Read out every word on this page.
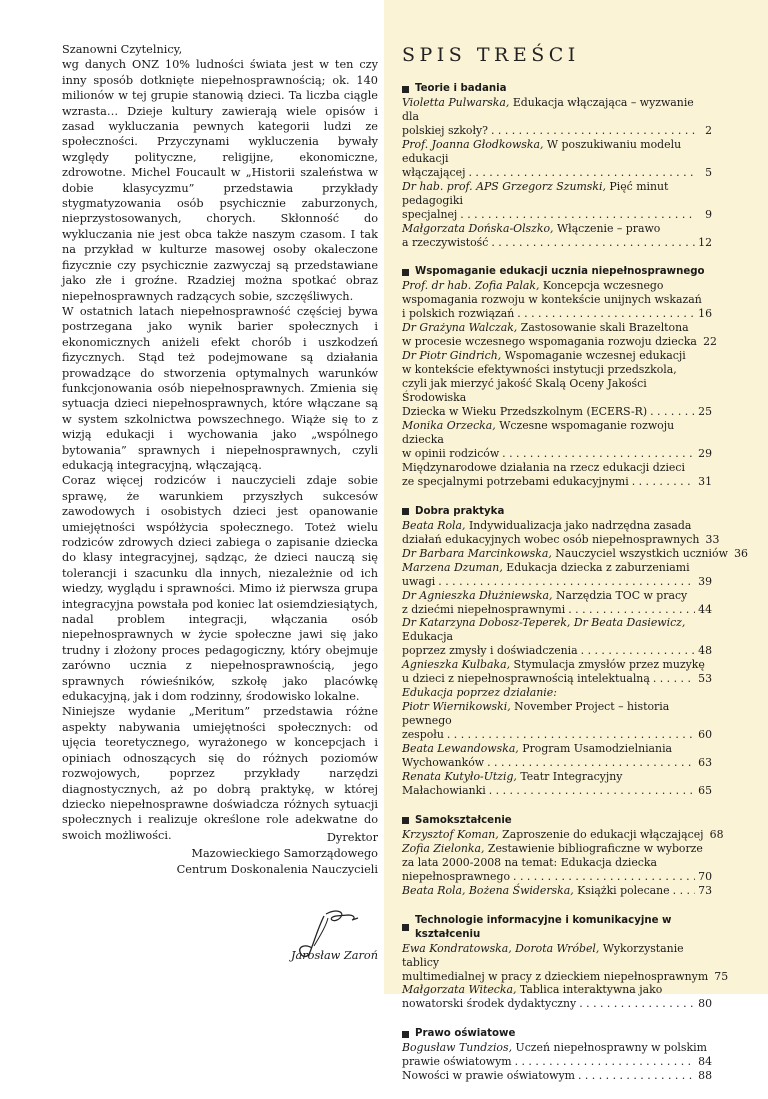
Szanowni Czytelnicy,

wg danych ONZ 10% ludności świata jest w ten czy inny sposób dotknięte niepełnosprawnością; ok. 140 milionów w tej grupie stanowią dzieci. Ta liczba ciągle wzrasta… Dzieje kultury zawierają wiele opisów i zasad wykluczania pewnych kategorii ludzi ze społeczności. Przyczynami wykluczenia bywały względy polityczne, religijne, ekonomiczne, zdrowotne. Michel Foucault w „Historii szaleństwa w dobie klasycyzmu” przedstawia przykłady stygmatyzowania osób psychicznie zaburzonych, nieprzystosowanych, chorych. Skłonność do wykluczania nie jest obca także naszym czasom. I tak na przykład w kulturze masowej osoby okaleczone fizycznie czy psychicznie zazwyczaj są przedstawiane jako złe i groźne. Rzadziej można spotkać obraz niepełnosprawnych radzących sobie, szczęśliwych.

W ostatnich latach niepełnosprawność częściej bywa postrzegana jako wynik barier społecznych i ekonomicznych aniżeli efekt chorób i uszkodzeń fizycznych. Stąd też podejmowane są działania prowadzące do stworzenia optymalnych warunków funkcjonowania osób niepełnosprawnych. Zmienia się sytuacja dzieci niepełnosprawnych, które włączane są w system szkolnictwa powszechnego. Wiąże się to z wizją edukacji i wychowania jako „wspólnego bytowania” sprawnych i niepełnosprawnych, czyli edukacją integracyjną, włączającą.

Coraz więcej rodziców i nauczycieli zdaje sobie sprawę, że warunkiem przyszłych sukcesów zawodowych i osobistych dzieci jest opanowanie umiejętności współżycia społecznego. Toteż wielu rodziców zdrowych dzieci zabiega o zapisanie dziecka do klasy integracyjnej, sądząc, że dzieci nauczą się tolerancji i szacunku dla innych, niezależnie od ich wiedzy, wyglądu i sprawności. Mimo iż pierwsza grupa integracyjna powstała pod koniec lat osiemdziesiątych, nadal problem integracji, włączania osób niepełnosprawnych w życie społeczne jawi się jako trudny i złożony proces pedagogiczny, który obejmuje zarówno ucznia z niepełnosprawnością, jego sprawnych rówieśników, szkołę jako placówkę edukacyjną, jak i dom rodzinny, środowisko lokalne.

Niniejsze wydanie „Meritum” przedstawia różne aspekty nabywania umiejętności społecznych: od ujęcia teoretycznego, wyrażonego w koncepcjach i opiniach odnoszących się do różnych poziomów rozwojowych, poprzez przykłady narzędzi diagnostycznych, aż po dobrą praktykę, w której dziecko niepełnosprawne doświadcza różnych sytuacji społecznych i realizuje określone role adekwatne do swoich możliwości.	Dyrektor
Mazowieckiego Samorządowego
Centrum Doskonalenia Nauczycieli
Jarosław Zaroń
SPIS TREŚCI
Teorie i badania
Violetta Pulwarska, Edukacja włączająca – wyzwanie dla
polskiej szkoły? . . .	2
Prof. Joanna Głodkowska, W poszukiwaniu modelu edukacji
włączającej . . .	5
Dr hab. prof. APS Grzegorz Szumski, Pięć minut pedagogiki
specjalnej . . .	9
Małgorzata Dońska-Olszko, Włączenie – prawo
a rzeczywistość . . .	12
Wspomaganie edukacji ucznia niepełnosprawnego
Prof. dr hab. Zofia Palak, Koncepcja wczesnego
wspomagania rozwoju w kontekście unijnych wskazań
i polskich rozwiązań . . .	16
Dr Grażyna Walczak, Zastosowanie skali Brazeltona
w procesie wczesnego wspomagania rozwoju dziecka 22
Dr Piotr Gindrich, Wspomaganie wczesnej edukacji
w kontekście efektywności instytucji przedszkola,
czyli jak mierzyć jakość Skalą Oceny Jakości Środowiska
Dziecka w Wieku Przedszkolnym (ECERS-R) . . .	25
Monika Orzecka, Wczesne wspomaganie rozwoju dziecka
w opinii rodziców . . .	29
Międzynarodowe działania na rzecz edukacji dzieci
ze specjalnymi potrzebami edukacyjnymi . . .	31
Dobra praktyka
Beata Rola, Indywidualizacja jako nadrzędna zasada
działań edukacyjnych wobec osób niepełnosprawnych 33
Dr Barbara Marcinkowska, Nauczyciel wszystkich uczniów 36
Marzena Dzuman, Edukacja dziecka z zaburzeniami
uwagi . . .	39
Dr Agnieszka Dłużniewska, Narzędzia TOC w pracy
z dziećmi niepełnosprawnymi . . .	44
Dr Katarzyna Dobosz-Teperek, Dr Beata Dasiewicz, Edukacja
poprzez zmysły i doświadczenia . . .	48
Agnieszka Kulbaka, Stymulacja zmysłów przez muzykę
u dzieci z niepełnosprawnością intelektualną . . .	53
Edukacja poprzez działanie:
Piotr Wiernikowski, November Project – historia pewnego
zespołu . . .	60
Beata Lewandowska, Program Usamodzielniania
Wychowanków . . .	63
Renata Kutyło-Utzig, Teatr Integracyjny
Małachowianki . . .	65
Samokształcenie
Krzysztof Koman, Zaproszenie do edukacji włączającej 68
Zofia Zielonka, Zestawienie bibliograficzne w wyborze
za lata 2000-2008 na temat: Edukacja dziecka
niepełnosprawnego . . .	70
Beata Rola, Bożena Świderska, Książki polecane . . .	73
Technologie informacyjne i komunikacyjne w kształceniu
Ewa Kondratowska, Dorota Wróbel, Wykorzystanie tablicy
multimedialnej w pracy z dzieckiem niepełnosprawnym 75
Małgorzata Witecka, Tablica interaktywna jako
nowatorski środek dydaktyczny . . .	80
Prawo oświatowe
Bogusław Tundzios, Uczeń niepełnosprawny w polskim
prawie oświatowym . . .	84
Nowości w prawie oświatowym . . .	88
